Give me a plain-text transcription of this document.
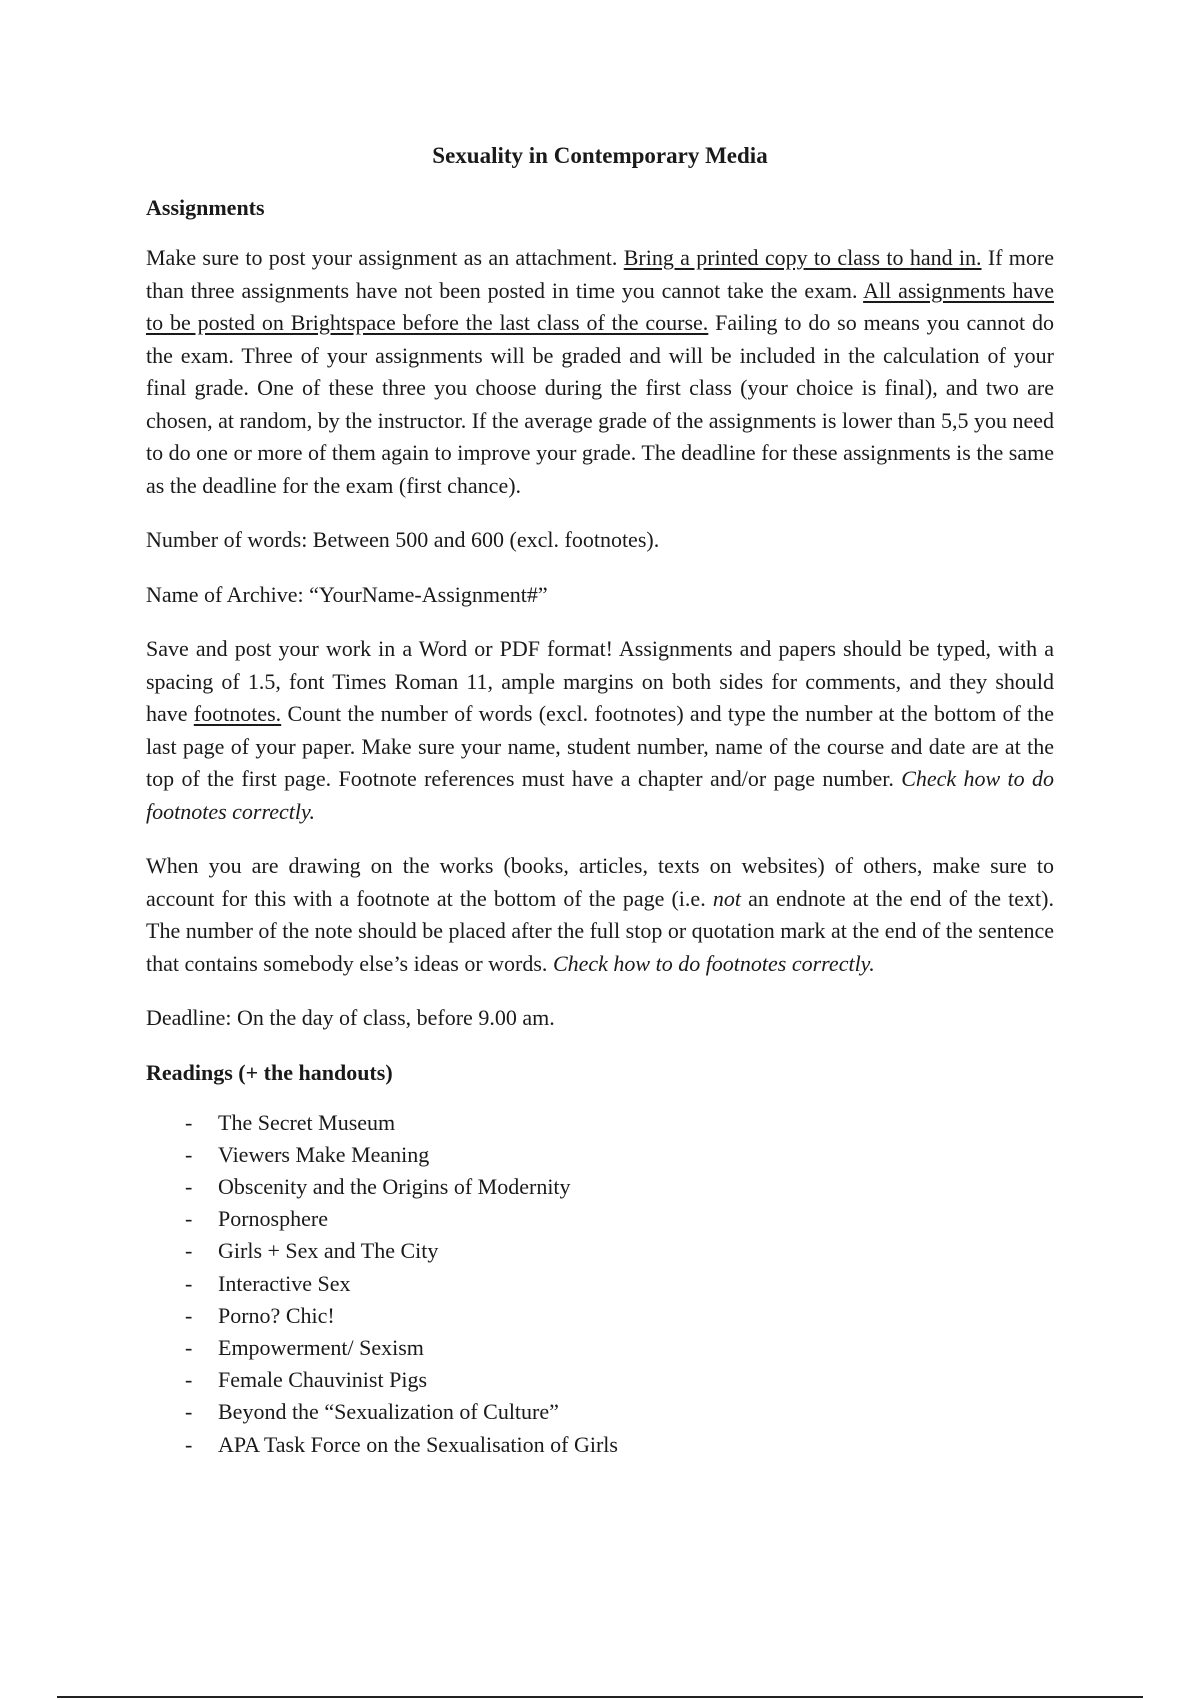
Sexuality in Contemporary Media
Assignments

Make sure to post your assignment as an attachment. Bring a printed copy to class to hand in. If more than three assignments have not been posted in time you cannot take the exam. All assignments have to be posted on Brightspace before the last class of the course. Failing to do so means you cannot do the exam. Three of your assignments will be graded and will be included in the calculation of your final grade. One of these three you choose during the first class (your choice is final), and two are chosen, at random, by the instructor. If the average grade of the assignments is lower than 5,5 you need to do one or more of them again to improve your grade. The deadline for these assignments is the same as the deadline for the exam (first chance).

Number of words: Between 500 and 600 (excl. footnotes).

Name of Archive: “YourName-Assignment#”

Save and post your work in a Word or PDF format! Assignments and papers should be typed, with a spacing of 1.5, font Times Roman 11, ample margins on both sides for comments, and they should have footnotes. Count the number of words (excl. footnotes) and type the number at the bottom of the last page of your paper. Make sure your name, student number, name of the course and date are at the top of the first page. Footnote references must have a chapter and/or page number. Check how to do footnotes correctly.

When you are drawing on the works (books, articles, texts on websites) of others, make sure to account for this with a footnote at the bottom of the page (i.e. not an endnote at the end of the text). The number of the note should be placed after the full stop or quotation mark at the end of the sentence that contains somebody else’s ideas or words. Check how to do footnotes correctly.

Deadline: On the day of class, before 9.00 am.

Readings (+ the handouts)
- The Secret Museum
- Viewers Make Meaning
- Obscenity and the Origins of Modernity
- Pornosphere
- Girls + Sex and The City
- Interactive Sex
- Porno? Chic!
- Empowerment/ Sexism
- Female Chauvinist Pigs
- Beyond the “Sexualization of Culture”
- APA Task Force on the Sexualisation of Girls
